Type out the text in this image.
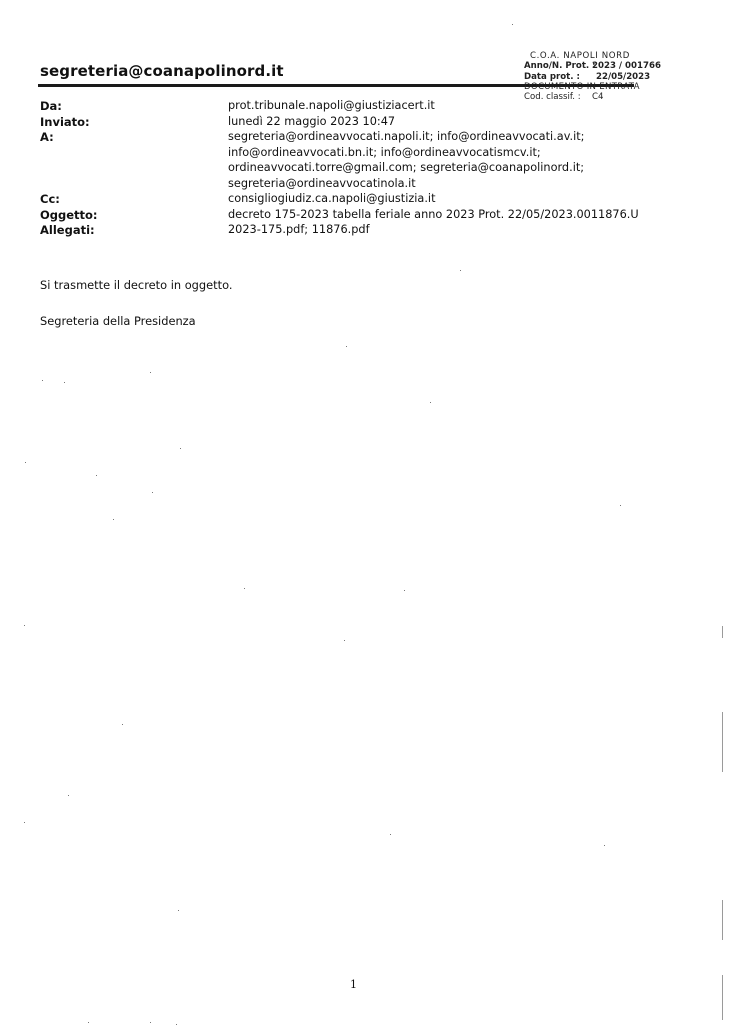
segreteria@coanapolinord.it
C.O.A. NAPOLI NORD
Anno/N. Prot. :2023 / 001766
Data prot. : 22/05/2023
DOCUMENTO IN ENTRATA
Cod. classif. : C4
Da:	prot.tribunale.napoli@giustiziacert.it
Inviato:	lunedì 22 maggio 2023 10:47
A:	segreteria@ordineavvocati.napoli.it; info@ordineavvocati.av.it;
info@ordineavvocati.bn.it; info@ordineavvocatismcv.it;
ordineavvocati.torre@gmail.com; segreteria@coanapolinord.it;
segreteria@ordineavvocatinola.it
Cc:	consigliogiudiz.ca.napoli@giustizia.it
Oggetto:	decreto 175-2023 tabella feriale anno 2023 Prot. 22/05/2023.0011876.U
Allegati:	2023-175.pdf; 11876.pdf
Si trasmette il decreto in oggetto.
Segreteria della Presidenza
1
